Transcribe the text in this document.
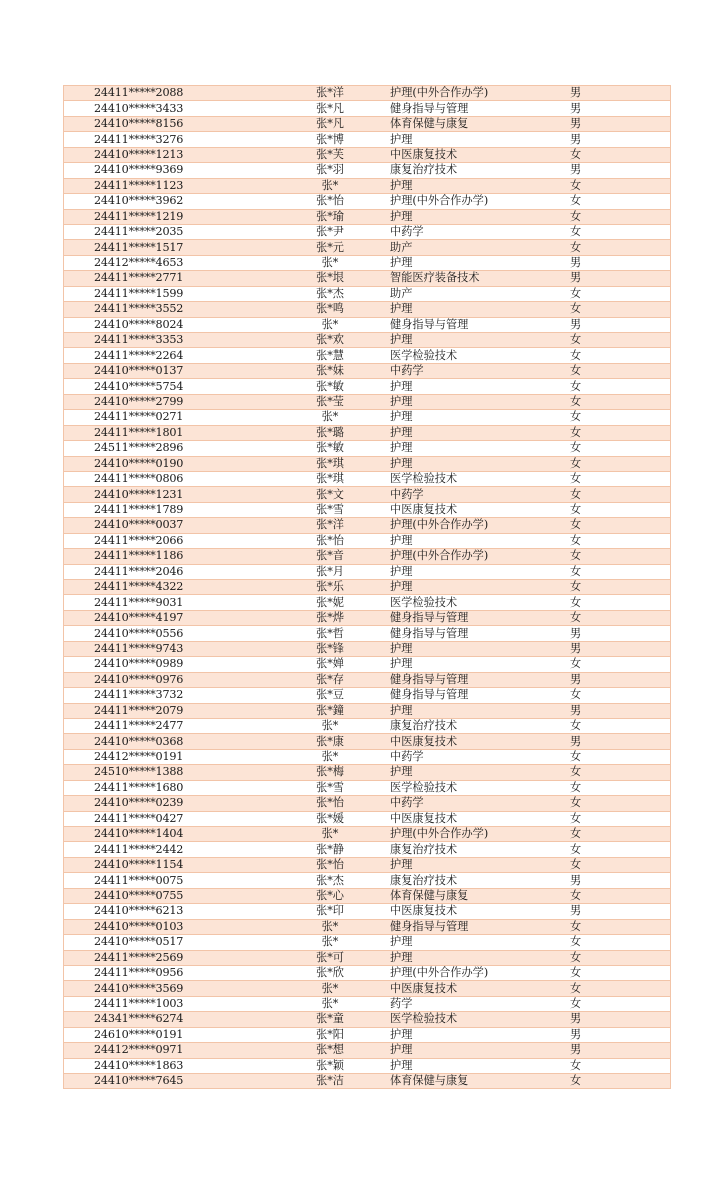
24411*****2088	张*洋	护理(中外合作办学)	男
24410*****3433	张*凡	健身指导与管理	男
24410*****8156	张*凡	体育保健与康复	男
24411*****3276	张*博	护理	男
24410*****1213	张*芙	中医康复技术	女
24410*****9369	张*羽	康复治疗技术	男
24411*****1123	张*	护理	女
24410*****3962	张*怡	护理(中外合作办学)	女
24411*****1219	张*瑜	护理	女
24411*****2035	张*尹	中药学	女
24411*****1517	张*元	助产	女
24412*****4653	张*	护理	男
24411*****2771	张*垠	智能医疗装备技术	男
24411*****1599	张*杰	助产	女
24411*****3552	张*鸣	护理	女
24410*****8024	张*	健身指导与管理	男
24411*****3353	张*欢	护理	女
24411*****2264	张*慧	医学检验技术	女
24410*****0137	张*妹	中药学	女
24410*****5754	张*敏	护理	女
24410*****2799	张*莹	护理	女
24411*****0271	张*	护理	女
24411*****1801	张*璐	护理	女
24511*****2896	张*敏	护理	女
24410*****0190	张*琪	护理	女
24411*****0806	张*琪	医学检验技术	女
24410*****1231	张*文	中药学	女
24411*****1789	张*雪	中医康复技术	女
24410*****0037	张*洋	护理(中外合作办学)	女
24411*****2066	张*怡	护理	女
24411*****1186	张*音	护理(中外合作办学)	女
24411*****2046	张*月	护理	女
24411*****4322	张*乐	护理	女
24411*****9031	张*妮	医学检验技术	女
24410*****4197	张*烨	健身指导与管理	女
24410*****0556	张*哲	健身指导与管理	男
24411*****9743	张*锋	护理	男
24410*****0989	张*婵	护理	女
24410*****0976	张*存	健身指导与管理	男
24411*****3732	张*豆	健身指导与管理	女
24411*****2079	张*鐘	护理	男
24411*****2477	张*	康复治疗技术	女
24410*****0368	张*康	中医康复技术	男
24412*****0191	张*	中药学	女
24510*****1388	张*梅	护理	女
24411*****1680	张*雪	医学检验技术	女
24410*****0239	张*怡	中药学	女
24411*****0427	张*媛	中医康复技术	女
24410*****1404	张*	护理(中外合作办学)	女
24411*****2442	张*静	康复治疗技术	女
24410*****1154	张*怡	护理	女
24411*****0075	张*杰	康复治疗技术	男
24410*****0755	张*心	体育保健与康复	女
24410*****6213	张*印	中医康复技术	男
24410*****0103	张*	健身指导与管理	女
24410*****0517	张*	护理	女
24411*****2569	张*可	护理	女
24411*****0956	张*欣	护理(中外合作办学)	女
24410*****3569	张*	中医康复技术	女
24411*****1003	张*	药学	女
24341*****6274	张*童	医学检验技术	男
24610*****0191	张*阳	护理	男
24412*****0971	张*想	护理	男
24410*****1863	张*颖	护理	女
24410*****7645	张*洁	体育保健与康复	女
